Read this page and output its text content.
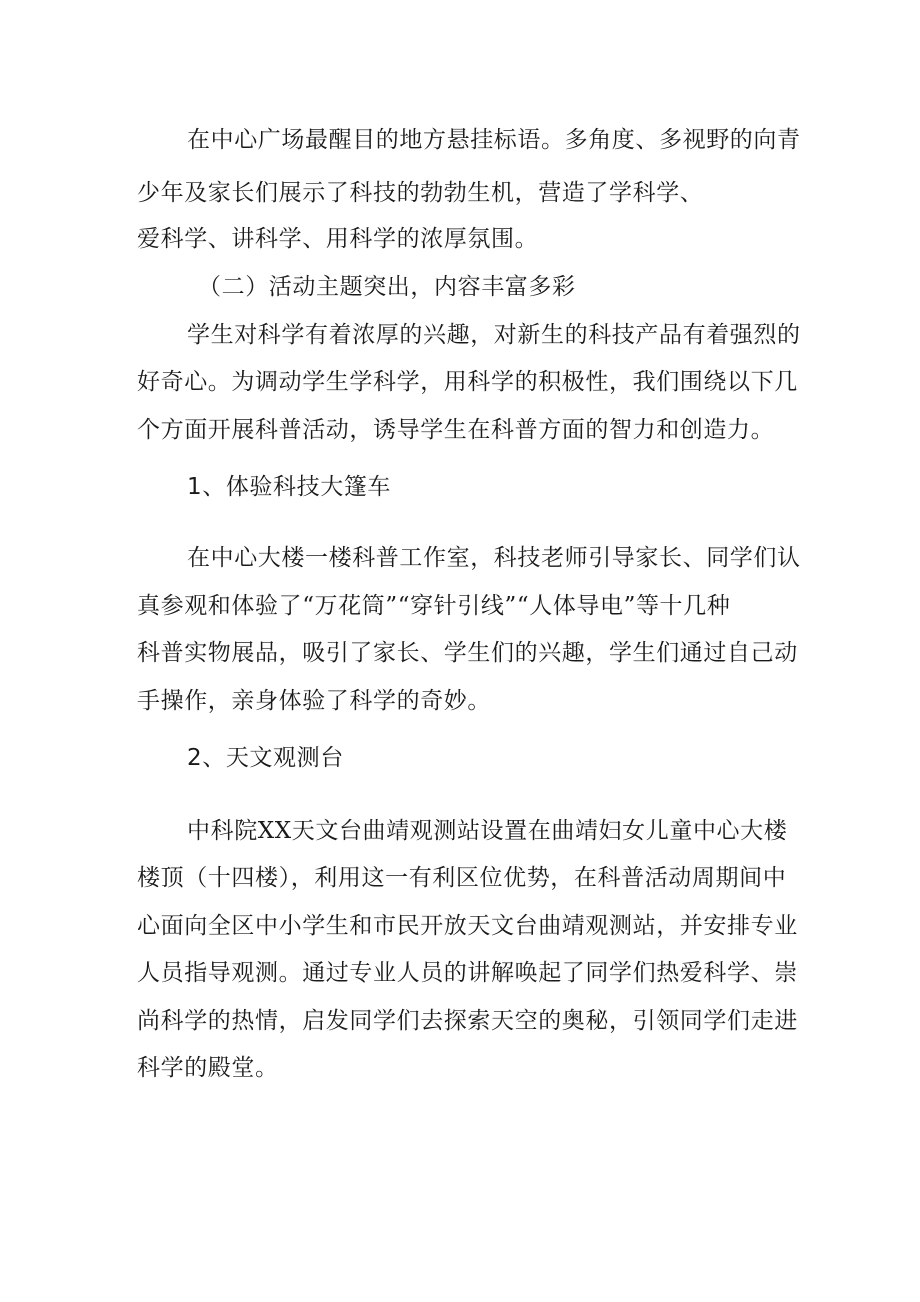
在中心广场最醒目的地方悬挂标语。多角度、多视野的向青
少年及家长们展示了科技的勃勃生机，营造了学科学、
爱科学、讲科学、用科学的浓厚氛围。
（二）活动主题突出，内容丰富多彩
学生对科学有着浓厚的兴趣，对新生的科技产品有着强烈的
好奇心。为调动学生学科学，用科学的积极性，我们围绕以下几
个方面开展科普活动，诱导学生在科普方面的智力和创造力。
1、体验科技大篷车
在中心大楼一楼科普工作室，科技老师引导家长、同学们认
真参观和体验了“万花筒”“穿针引线”“人体导电”等十几种
科普实物展品，吸引了家长、学生们的兴趣，学生们通过自己动
手操作，亲身体验了科学的奇妙。
2、天文观测台
中科院XX天文台曲靖观测站设置在曲靖妇女儿童中心大楼
楼顶（十四楼），利用这一有利区位优势，在科普活动周期间中
心面向全区中小学生和市民开放天文台曲靖观测站，并安排专业
人员指导观测。通过专业人员的讲解唤起了同学们热爱科学、崇
尚科学的热情，启发同学们去探索天空的奥秘，引领同学们走进
科学的殿堂。
